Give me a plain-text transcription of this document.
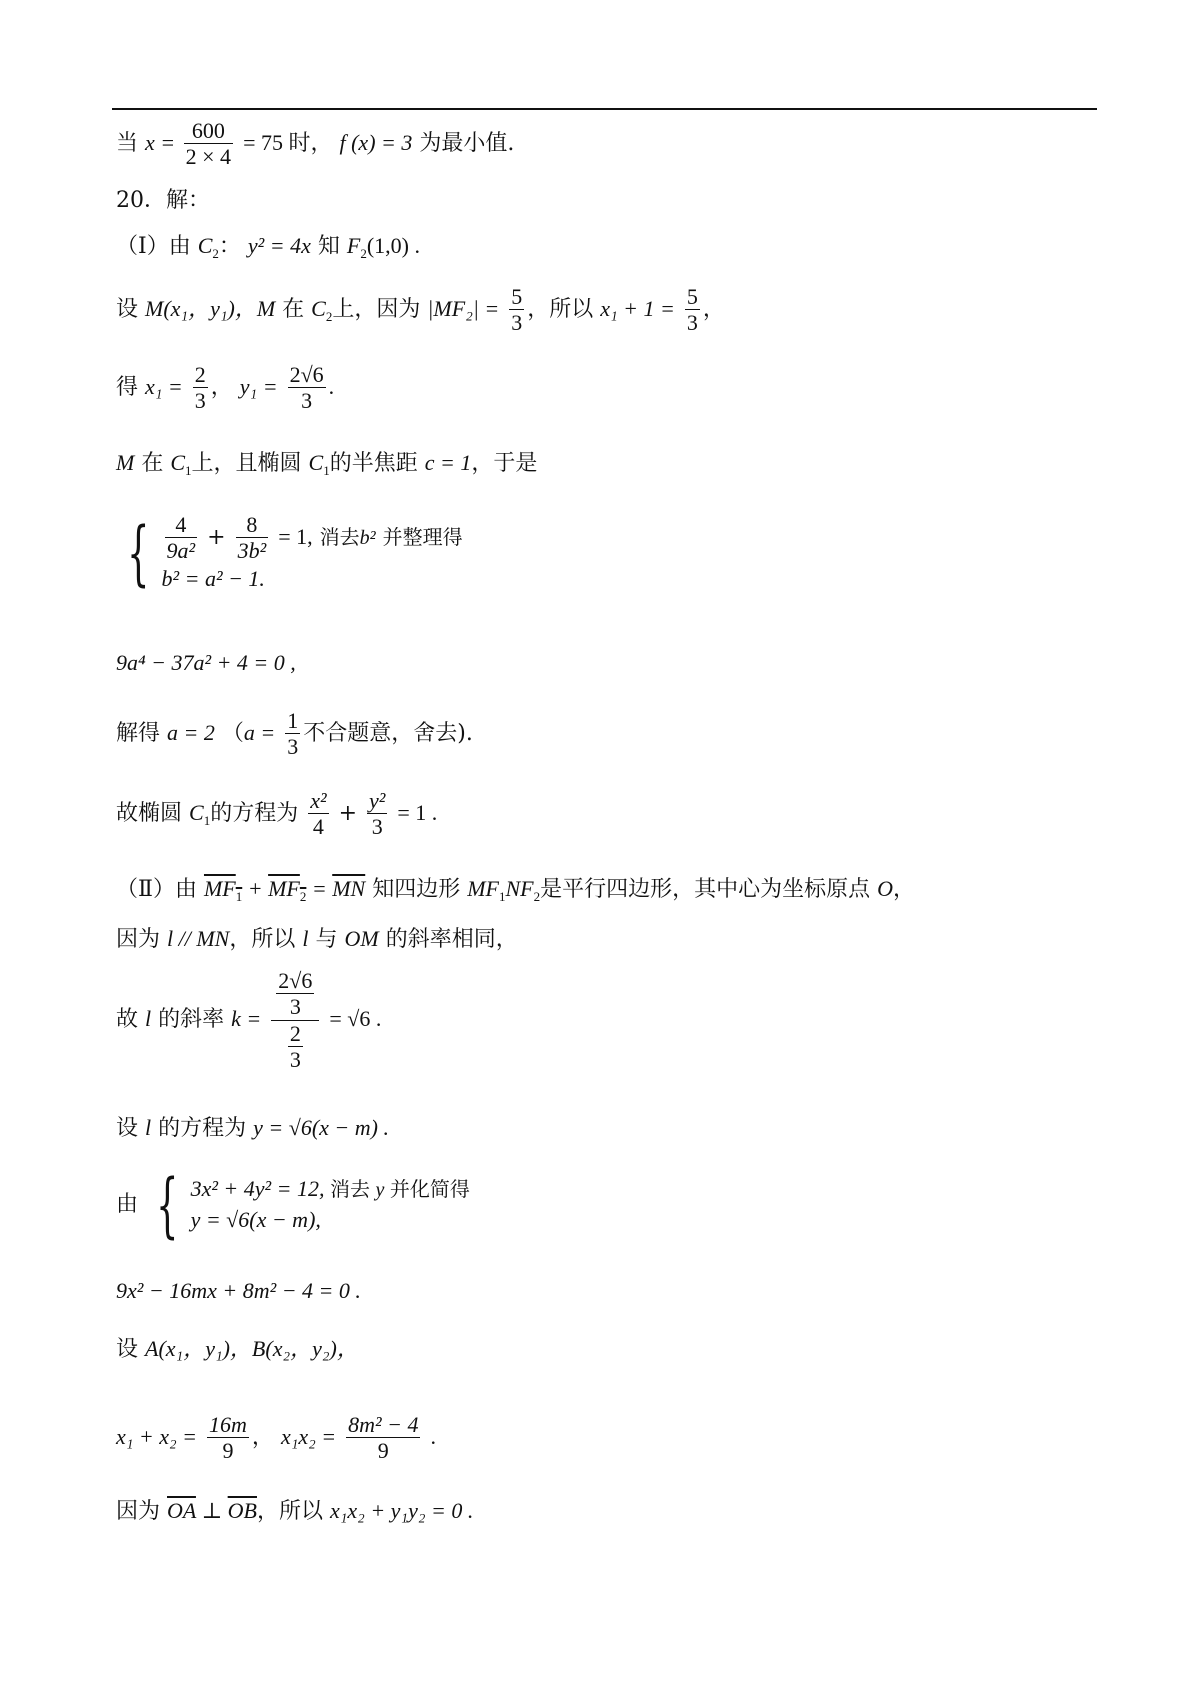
当 $x = \frac{600}{2 \times 4} = 75$ 时， f (x) = 3 为最小值.
20．解：
（Ⅰ）由 $C_2$： y² = 4x 知 $F_2(1,0)$ .
设 M(x₁，y₁)，M 在 $C_2$上，因为 $|MF_2| = \frac{5}{3}$ ，所以 $x_1 + 1 = \frac{5}{3}$ ，
得 $x_1 = \frac{2}{3}$ ， $y_1 = \frac{2√6}{3}$ .
M 在 $C_1$上，且椭圆 $C_1$的半焦距 c = 1，于是
{ $\frac{4}{\text{9a²}} + \frac{8}{\text{3b²}} = 1$, 消去b² 并整理得
b² = a² − 1.
9a⁴ − 37a² + 4 = 0 ,
解得 a = 2 （$a = \frac{1}{3}$ 不合题意，舍去).
故椭圆 $C_1$的方程为 $\frac{\text{x²}}{4} + \frac{\text{y²}}{3} = 1$ .
（Ⅱ）由 $MF_1 + MF_2 = \overline{MN}$ 知四边形 $MF_1NF_2$是平行四边形，其中心为坐标原点 O，
因为 l // MN，所以 l 与 OM 的斜率相同，
故 l 的斜率 $k = \frac{\frac{2√6}{3}}{\frac{2}{3}} = √6$ .
设 l 的方程为 y = √6(x − m) .
由 { 3x² + 4y² = 12, 消去 y 并化简得
y = √6(x − m),
9x² − 16mx + 8m² − 4 = 0 .
设 A(x₁，y₁)，B(x₂，y₂)，
$x_1 + x_2 = \frac{16m}{9}$ ， $x_1x_2 = \frac{\text{8m² − 4}}{9}$ .
因为 $\overline{OA}$ ⊥ $\overline{OB}$，所以 x₁x₂ + y₁y₂ = 0 .
